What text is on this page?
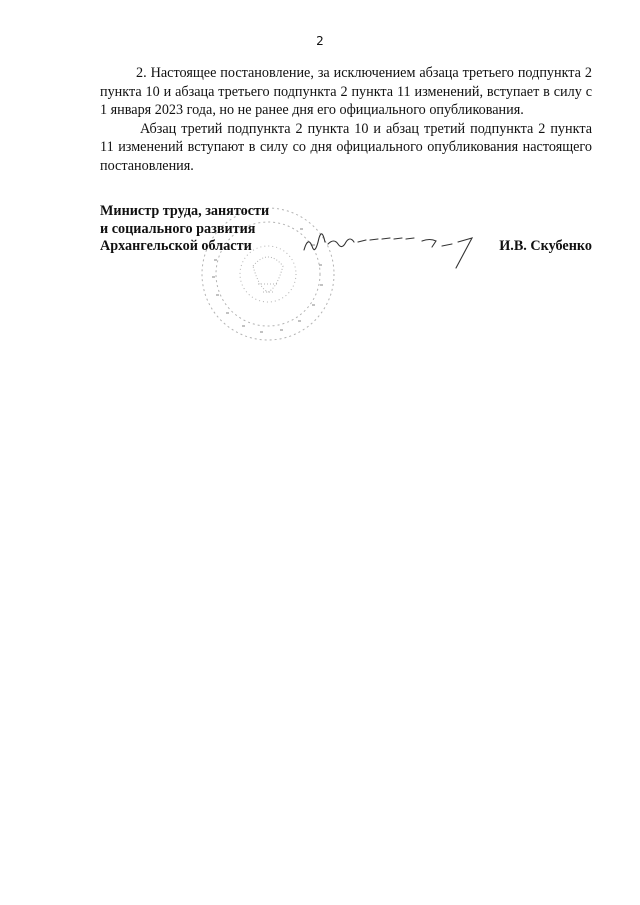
2

2. Настоящее постановление, за исключением абзаца третьего подпункта 2 пункта 10 и абзаца третьего подпункта 2 пункта 11 изменений, вступает в силу с 1 января 2023 года, но не ранее дня его официального опубликования.

Абзац третий подпункта 2 пункта 10 и абзац третий подпункта 2 пункта 11 изменений вступают в силу со дня официального опубликования настоящего постановления.

Министр труда, занятости
и социального развития
Архангельской области	И.В. Скубенко
